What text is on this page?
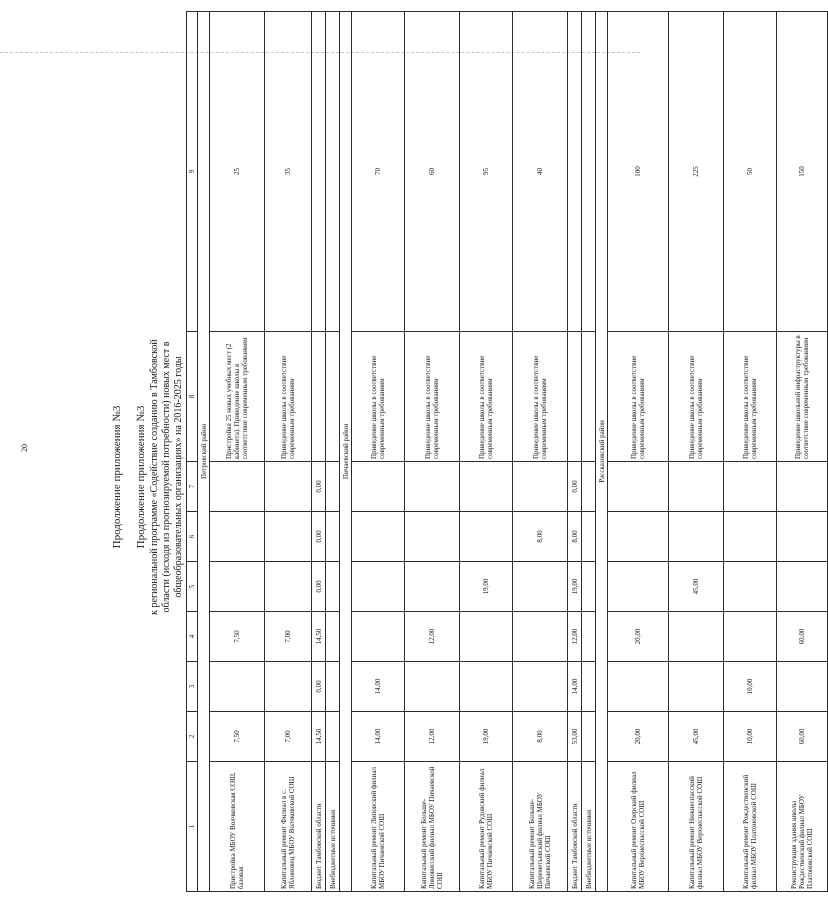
20	Продолжение приложения №3 Продолжение приложения №3 к региональной программе «Содействие созданию в Тамбовской области (исходя из прогнозируемой потребности) новых мест в общеобразовательных организациях» на 2016-2025 годы
1	2	3	4	5	6	7	8	9
Петровский район								
Пристройка МБОУ Волчковская СОШ, базовая	7,50		7,50				Пристройка 25 новых учебных мест (2 кабинета). Приведение школы в соответствие современным требованиям	25
Капитальный ремонт Филиал в с. Яблоновец МБОУ Волчковской СОШ	7,00		7,00				Приведение школы в соответствие современным требованиям	35
Бюджет Тамбовской области	14,50	0,00	14,50	0,00	0,00	0,00		
Внебюджетные источники								
Пичаевский район								
Капитальный ремонт Липовский филиал МБОУ Пичаевской СОШ	14,00	14,00					Приведение школы в соответствие современным требованиям	70
Капитальный ремонт Больше-Ломовисский филиал МБОУ Пичаевской СОШ	12,00		12,00				Приведение школы в соответствие современным требованиям	60
Капитальный ремонт Рудовский филиал МБОУ Пичаевской СОШ	19,00			19,00			Приведение школы в соответствие современным требованиям	95
Капитальный ремонт Больше-Шереметьевский филиал МБОУ Пичаевской СОШ	8,00				8,00		Приведение школы в соответствие современным требованиям	40
Бюджет Тамбовской области	53,00	14,00	12,00	19,00	8,00	0,00		
Внебюджетные источники								
Рассказовский район								
Капитальный ремонт Озерский филиал МБОУ Верхнеспасской СОШ	20,00		20,00				Приведение школы в соответствие современным требованиям	100
Капитальный ремонт Нижнеспасский филиал МБОУ Верхнеспасской СОШ	45,00			45,00			Приведение школы в соответствие современным требованиям	225
Капитальный ремонт Рождественский филиал МБОУ Платоновской СОШ	10,00	10,00					Приведение школы в соответствие современным требованиям	50
Реконструкция здания школы Рождественский филиал МБОУ Платоновской СОШ	60,00		60,00				Приведение школьной инфраструктуры в соответствие современным требованиям	150
